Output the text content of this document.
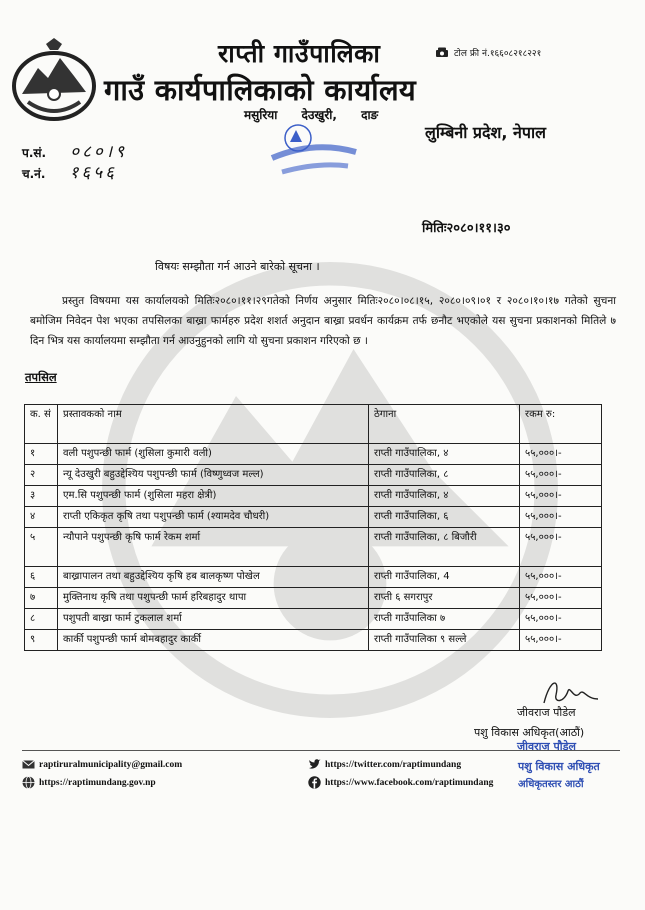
राप्ती गाउँपालिका
गाउँ कार्यपालिकाको कार्यालय
टोल फ्री नं.१६६०८२१८२२१
मसुरिया देउखुरी, दाङ
लुम्बिनी प्रदेश, नेपाल
प.सं. ०८०।९
च.नं. १६५६
मितिः२०८०।११।३०
विषयः सम्झौता गर्न आउने बारेको सूचना ।
प्रस्तुत विषयमा यस कार्यालयको मितिः२०८०।११।२९गतेको निर्णय अनुसार मितिः२०८०।०८।१५, २०८०।०९।०१ र २०८०।१०।१७ गतेको सुचना बमोजिम निवेदन पेश भएका तपसिलका बाख्रा फार्महरु प्रदेश शशर्त अनुदान बाख्रा प्रवर्धन कार्यक्रम तर्फ छनौट भएकोले यस सुचना प्रकाशनको मितिले ७ दिन भित्र यस कार्यालयमा सम्झौता गर्न आउनुहुनको लागि यो सुचना प्रकाशन गरिएको छ ।
तपसिल
क. सं	प्रस्तावकको नाम	ठेगाना	रकम रु:
१	वली पशुपन्छी फार्म (शुसिला कुमारी वली)	राप्ती गाउँपालिका, ४	५५,०००।-
२	न्यू देउखुरी बहुउद्देश्यिय पशुपन्छी फार्म (विष्णुध्वज मल्ल)	राप्ती गाउँपालिका, ८	५५,०००।-
३	एम.सि पशुपन्छी फार्म (शुसिला महरा क्षेत्री)	राप्ती गाउँपालिका, ४	५५,०००।-
४	राप्ती एकिकृत कृषि तथा पशुपन्छी फार्म (श्यामदेव चौधरी)	राप्ती गाउँपालिका, ६	५५,०००।-
५	न्यौपाने पशुपन्छी कृषि फार्म रेकम शर्मा	राप्ती गाउँपालिका, ८ बिजौरी	५५,०००।-
६	बाख्रापालन तथा बहुउद्देश्यिय कृषि हब बालकृष्ण पोखेल	राप्ती गाउँपालिका, 4	५५,०००।-
७	मुक्तिनाथ कृषि तथा पशुपन्छी फार्म हरिबहादुर थापा	राप्ती ६ सगरापुर	५५,०००।-
८	पशुपती बाख्रा फार्म टुकलाल शर्मा	राप्ती गाउँपालिका ७	५५,०००।-
९	कार्की पशुपन्छी फार्म बोमबहादुर कार्की	राप्ती गाउँपालिका ९ सल्ले	५५,०००।-
जीवराज पौडेल
पशु विकास अधिकृत(आठौं)
जीवराज पौडेल
raptiruralmunicipality@gmail.com
https://raptimundang.gov.np
https://twitter.com/raptimundang
https://www.facebook.com/raptimundang
पशु विकास अधिकृत
अधिकृतस्तर आठौं
